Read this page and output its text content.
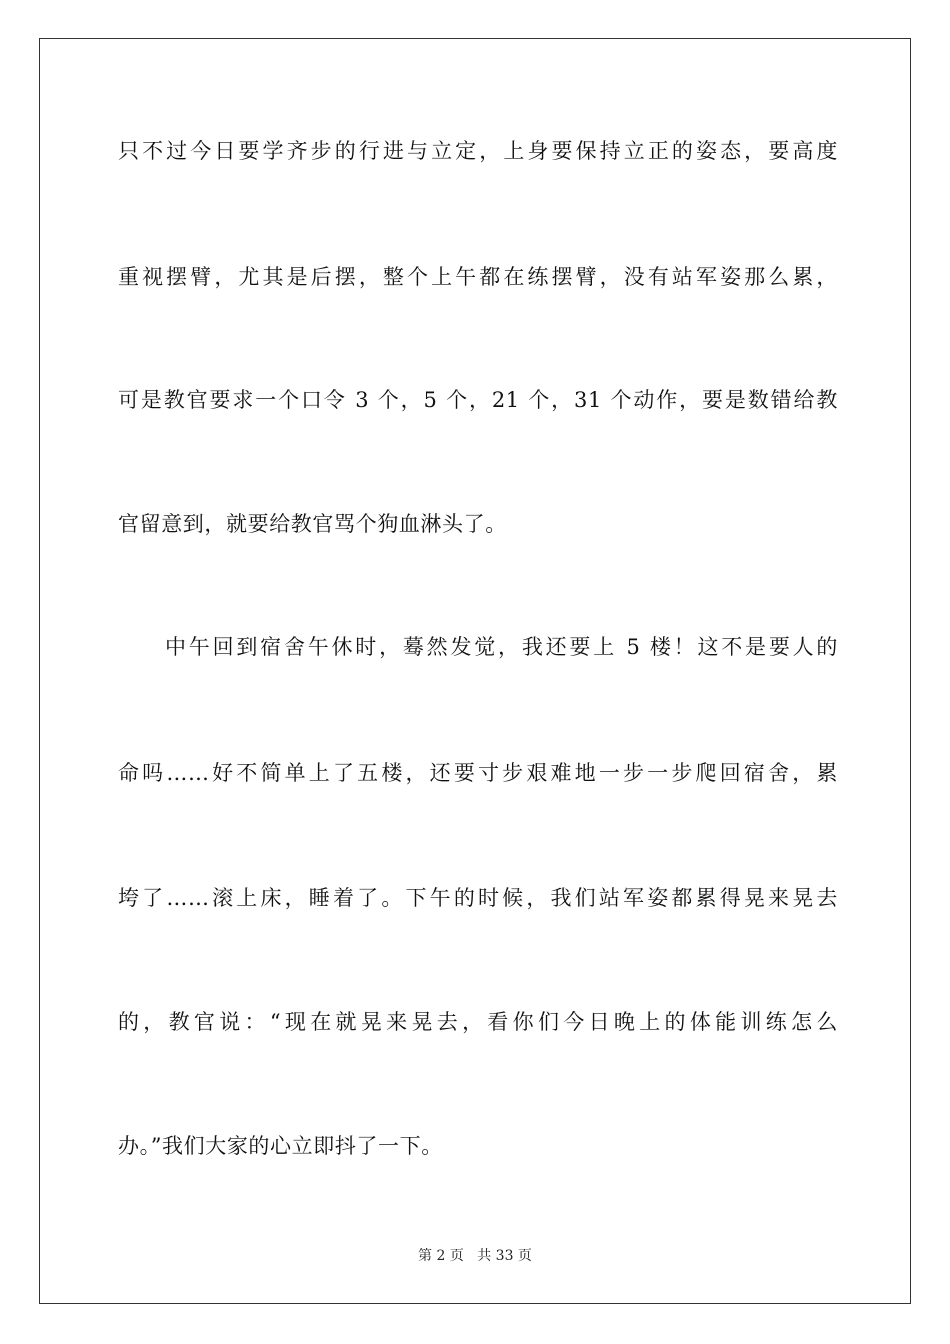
只不过今日要学齐步的行进与立定，上身要保持立正的姿态，要高度
重视摆臂，尤其是后摆，整个上午都在练摆臂，没有站军姿那么累，
可是教官要求一个口令 3 个，5 个，21 个，31 个动作，要是数错给教
官留意到，就要给教官骂个狗血淋头了。
中午回到宿舍午休时，蓦然发觉，我还要上 5 楼！这不是要人的
命吗……好不简单上了五楼，还要寸步艰难地一步一步爬回宿舍，累
垮了……滚上床，睡着了。下午的时候，我们站军姿都累得晃来晃去
的，教官说：“现在就晃来晃去，看你们今日晚上的体能训练怎么
办。”我们大家的心立即抖了一下。
第 2 页 共 33 页
